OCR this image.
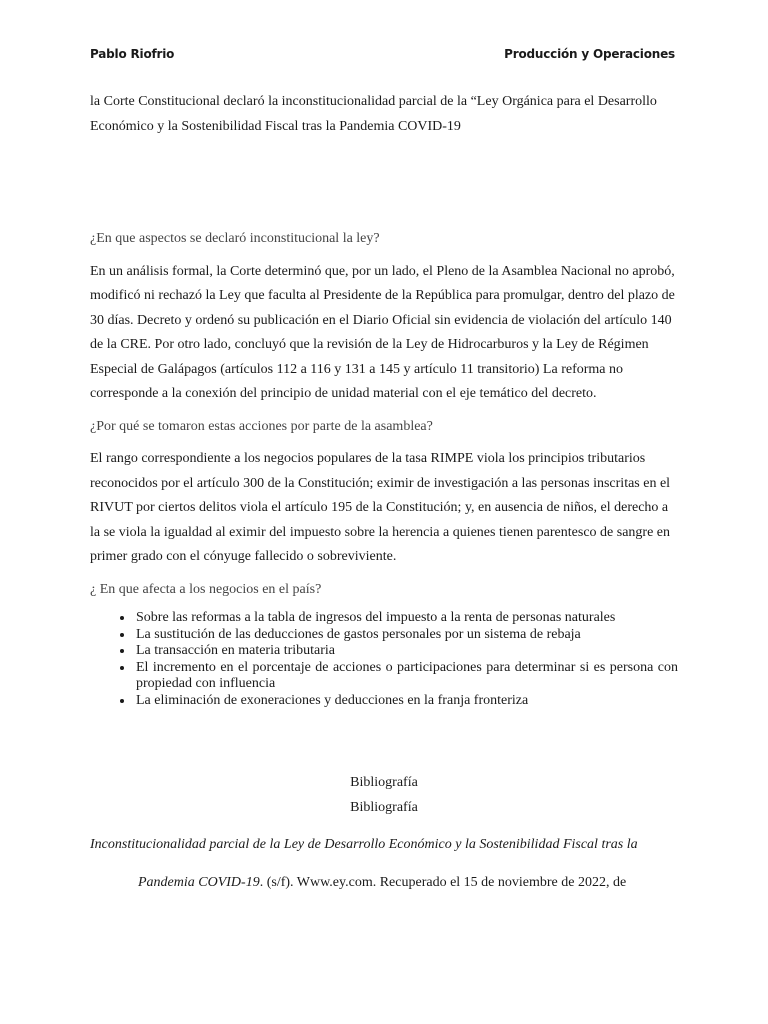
Pablo Riofrio	Producción y Operaciones

la Corte Constitucional declaró la inconstitucionalidad parcial de la “Ley Orgánica para el Desarrollo Económico y la Sostenibilidad Fiscal tras la Pandemia COVID-19

¿En que aspectos se declaró inconstitucional la ley?

En un análisis formal, la Corte determinó que, por un lado, el Pleno de la Asamblea Nacional no aprobó, modificó ni rechazó la Ley que faculta al Presidente de la República para promulgar, dentro del plazo de 30 días. Decreto y ordenó su publicación en el Diario Oficial sin evidencia de violación del artículo 140 de la CRE. Por otro lado, concluyó que la revisión de la Ley de Hidrocarburos y la Ley de Régimen Especial de Galápagos (artículos 112 a 116 y 131 a 145 y artículo 11 transitorio) La reforma no corresponde a la conexión del principio de unidad material con el eje temático del decreto.

¿Por qué se tomaron estas acciones por parte de la asamblea?

El rango correspondiente a los negocios populares de la tasa RIMPE viola los principios tributarios reconocidos por el artículo 300 de la Constitución; eximir de investigación a las personas inscritas en el RIVUT por ciertos delitos viola el artículo 195 de la Constitución; y, en ausencia de niños, el derecho a la se viola la igualdad al eximir del impuesto sobre la herencia a quienes tienen parentesco de sangre en primer grado con el cónyuge fallecido o sobreviviente.

¿ En que afecta a los negocios en el país?

• Sobre las reformas a la tabla de ingresos del impuesto a la renta de personas naturales
• La sustitución de las deducciones de gastos personales por un sistema de rebaja
• La transacción en materia tributaria
• El incremento en el porcentaje de acciones o participaciones para determinar si es persona con propiedad con influencia
• La eliminación de exoneraciones y deducciones en la franja fronteriza

Bibliografía

Bibliografía

Inconstitucionalidad parcial de la Ley de Desarrollo Económico y la Sostenibilidad Fiscal tras la Pandemia COVID-19. (s/f). Www.ey.com. Recuperado el 15 de noviembre de 2022, de
